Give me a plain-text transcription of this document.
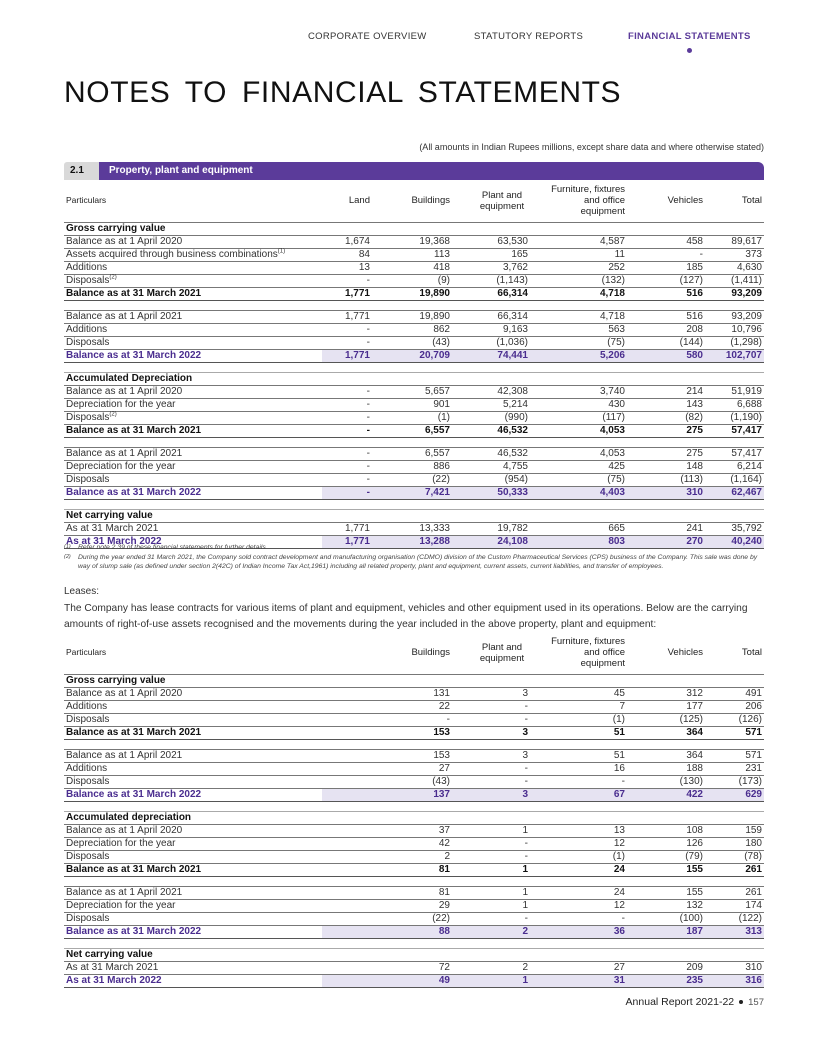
CORPORATE OVERVIEW	STATUTORY REPORTS	FINANCIAL STATEMENTS
NOTES TO FINANCIAL STATEMENTS
(All amounts in Indian Rupees millions, except share data and where otherwise stated)
2.1	Property, plant and equipment
Particulars	Land	Buildings	Plant and equipment	Furniture, fixtures and office equipment	Vehicles	Total
Gross carrying value						
Balance as at 1 April 2020	1,674	19,368	63,530	4,587	458	89,617
Assets acquired through business combinations$^{(1)}$	84	113	165	11	-	373
Additions	13	418	3,762	252	185	4,630
Disposals$^{(2)}$	-	(9)	(1,143)	(132)	(127)	(1,411)
Balance as at 31 March 2021	1,771	19,890	66,314	4,718	516	93,209

Balance as at 1 April 2021	1,771	19,890	66,314	4,718	516	93,209
Additions	-	862	9,163	563	208	10,796
Disposals	-	(43)	(1,036)	(75)	(144)	(1,298)
Balance as at 31 March 2022	1,771	20,709	74,441	5,206	580	102,707

Accumulated Depreciation						
Balance as at 1 April 2020	-	5,657	42,308	3,740	214	51,919
Depreciation for the year	-	901	5,214	430	143	6,688
Disposals$^{(2)}$	-	(1)	(990)	(117)	(82)	(1,190)
Balance as at 31 March 2021	-	6,557	46,532	4,053	275	57,417

Balance as at 1 April 2021	-	6,557	46,532	4,053	275	57,417
Depreciation for the year	-	886	4,755	425	148	6,214
Disposals	-	(22)	(954)	(75)	(113)	(1,164)
Balance as at 31 March 2022	-	7,421	50,333	4,403	310	62,467

Net carrying value						
As at 31 March 2021	1,771	13,333	19,782	665	241	35,792
As at 31 March 2022	1,771	13,288	24,108	803	270	40,240
(1)	Refer note 2.39 of these financial statements for further details
(2)	During the year ended 31 March 2021, the Company sold contract development and manufacturing organisation (CDMO) division of the Custom Pharmaceutical Services (CPS) business of the Company. This sale was done by way of slump sale (as defined under section 2(42C) of Indian Income Tax Act,1961) including all related property, plant and equipment, current assets, current liabilities, and transfer of employees.
Leases:
The Company has lease contracts for various items of plant and equipment, vehicles and other equipment used in its operations. Below are the carrying amounts of right-of-use assets recognised and the movements during the year included in the above property, plant and equipment:
Particulars	Buildings	Plant and equipment	Furniture, fixtures and office equipment	Vehicles	Total
Gross carrying value					
Balance as at 1 April 2020	131	3	45	312	491
Additions	22	-	7	177	206
Disposals	-	-	(1)	(125)	(126)
Balance as at 31 March 2021	153	3	51	364	571

Balance as at 1 April 2021	153	3	51	364	571
Additions	27	-	16	188	231
Disposals	(43)	-	-	(130)	(173)
Balance as at 31 March 2022	137	3	67	422	629

Accumulated depreciation					
Balance as at 1 April 2020	37	1	13	108	159
Depreciation for the year	42	-	12	126	180
Disposals	2	-	(1)	(79)	(78)
Balance as at 31 March 2021	81	1	24	155	261

Balance as at 1 April 2021	81	1	24	155	261
Depreciation for the year	29	1	12	132	174
Disposals	(22)	-	-	(100)	(122)
Balance as at 31 March 2022	88	2	36	187	313

Net carrying value					
As at 31 March 2021	72	2	27	209	310
As at 31 March 2022	49	1	31	235	316
Annual Report 2021-22 157
